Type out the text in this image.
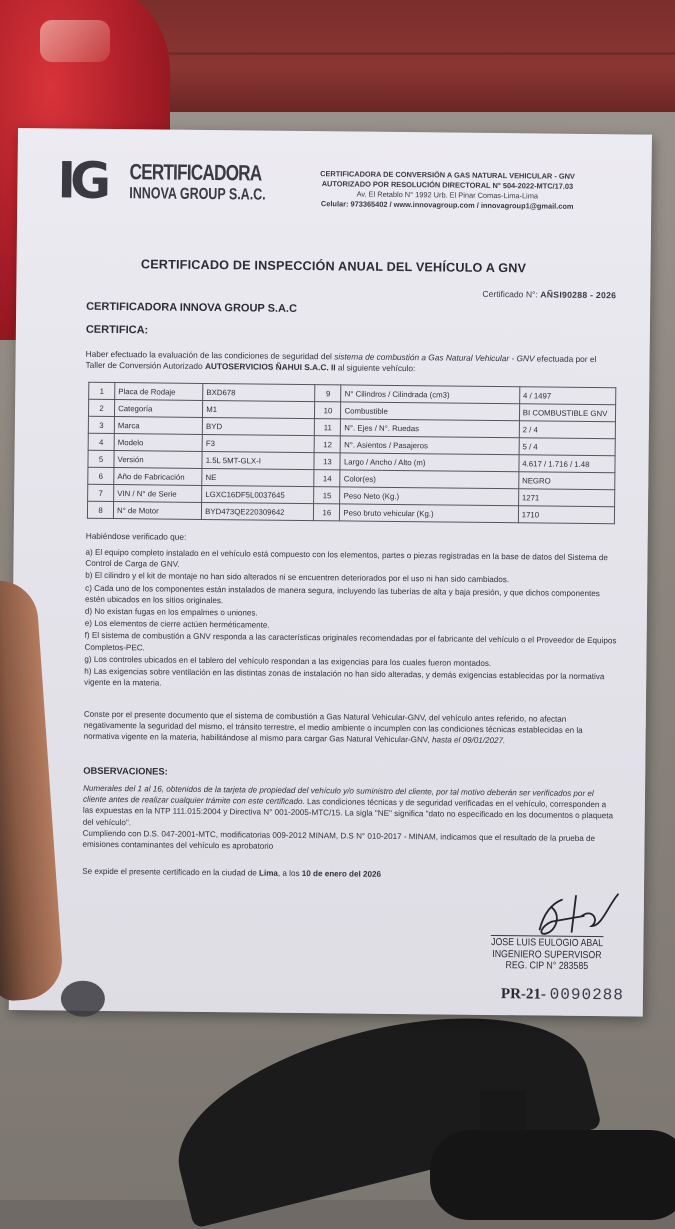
IG CERTIFICADORA
INNOVA GROUP S.A.C.
CERTIFICADORA DE CONVERSIÓN A GAS NATURAL VEHICULAR - GNV
AUTORIZADO POR RESOLUCIÓN DIRECTORAL N° 504-2022-MTC/17.03
Av. El Retablo N° 1992 Urb. El Pinar Comas-Lima-Lima
Celular: 973365402 / www.innovagroup.com / innovagroup1@gmail.com
CERTIFICADO DE INSPECCIÓN ANUAL DEL VEHÍCULO A GNV
Certificado N°: AÑSI90288 - 2026
CERTIFICADORA INNOVA GROUP S.A.C
CERTIFICA:
Haber efectuado la evaluación de las condiciones de seguridad del sistema de combustión a Gas Natural Vehicular - GNV efectuada por el Taller de Conversión Autorizado AUTOSERVICIOS ÑAHUI S.A.C. II al siguiente vehículo:
1	Placa de Rodaje	BXD678	9	N° Cilindros / Cilindrada (cm3)	4 / 1497
2	Categoría	M1	10	Combustible	BI COMBUSTIBLE GNV
3	Marca	BYD	11	N°. Ejes / N°. Ruedas	2 / 4
4	Modelo	F3	12	N°. Asientos / Pasajeros	5 / 4
5	Versión	1.5L 5MT-GLX-I	13	Largo / Ancho / Alto (m)	4.617 / 1.716 / 1.48
6	Año de Fabricación	NE	14	Color(es)	NEGRO
7	VIN / N° de Serie	LGXC16DF5L0037645	15	Peso Neto (Kg.)	1271
8	N° de Motor	BYD473QE220309642	16	Peso bruto vehicular (Kg.)	1710
Habiéndose verificado que:

a) El equipo completo instalado en el vehículo está compuesto con los elementos, partes o piezas registradas en la base de datos del Sistema de Control de Carga de GNV.

b) El cilindro y el kit de montaje no han sido alterados ni se encuentren deteriorados por el uso ni han sido cambiados.

c) Cada uno de los componentes están instalados de manera segura, incluyendo las tuberías de alta y baja presión, y que dichos componentes estén ubicados en los sitios originales.

d) No existan fugas en los empalmes o uniones.

e) Los elementos de cierre actúen herméticamente.

f) El sistema de combustión a GNV responda a las características originales recomendadas por el fabricante del vehículo o el Proveedor de Equipos Completos-PEC.

g) Los controles ubicados en el tablero del vehículo respondan a las exigencias para los cuales fueron montados.

h) Las exigencias sobre ventilación en las distintas zonas de instalación no han sido alteradas, y demás exigencias establecidas por la normativa vigente en la materia.

Conste por el presente documento que el sistema de combustión a Gas Natural Vehicular-GNV, del vehículo antes referido, no afectan negativamente la seguridad del mismo, el tránsito terrestre, el medio ambiente o incumplen con las condiciones técnicas establecidas en la normativa vigente en la materia, habilitándose al mismo para cargar Gas Natural Vehicular-GNV, hasta el 09/01/2027.
OBSERVACIONES:
Numerales del 1 al 16, obtenidos de la tarjeta de propiedad del vehículo y/o suministro del cliente, por tal motivo deberán ser verificados por el cliente antes de realizar cualquier trámite con este certificado. Las condiciones técnicas y de seguridad verificadas en el vehículo, corresponden a las expuestas en la NTP 111.015:2004 y Directiva N° 001-2005-MTC/15. La sigla "NE" significa "dato no especificado en los documentos o plaqueta del vehículo".
Cumpliendo con D.S. 047-2001-MTC, modificatorias 009-2012 MINAM, D.S N° 010-2017 - MINAM, indicamos que el resultado de la prueba de emisiones contaminantes del vehículo es aprobatorio
Se expide el presente certificado en la ciudad de Lima, a los 10 de enero del 2026
JOSE LUIS EULOGIO ABAL
INGENIERO SUPERVISOR
REG. CIP N° 283585
PR-21- 0090288
